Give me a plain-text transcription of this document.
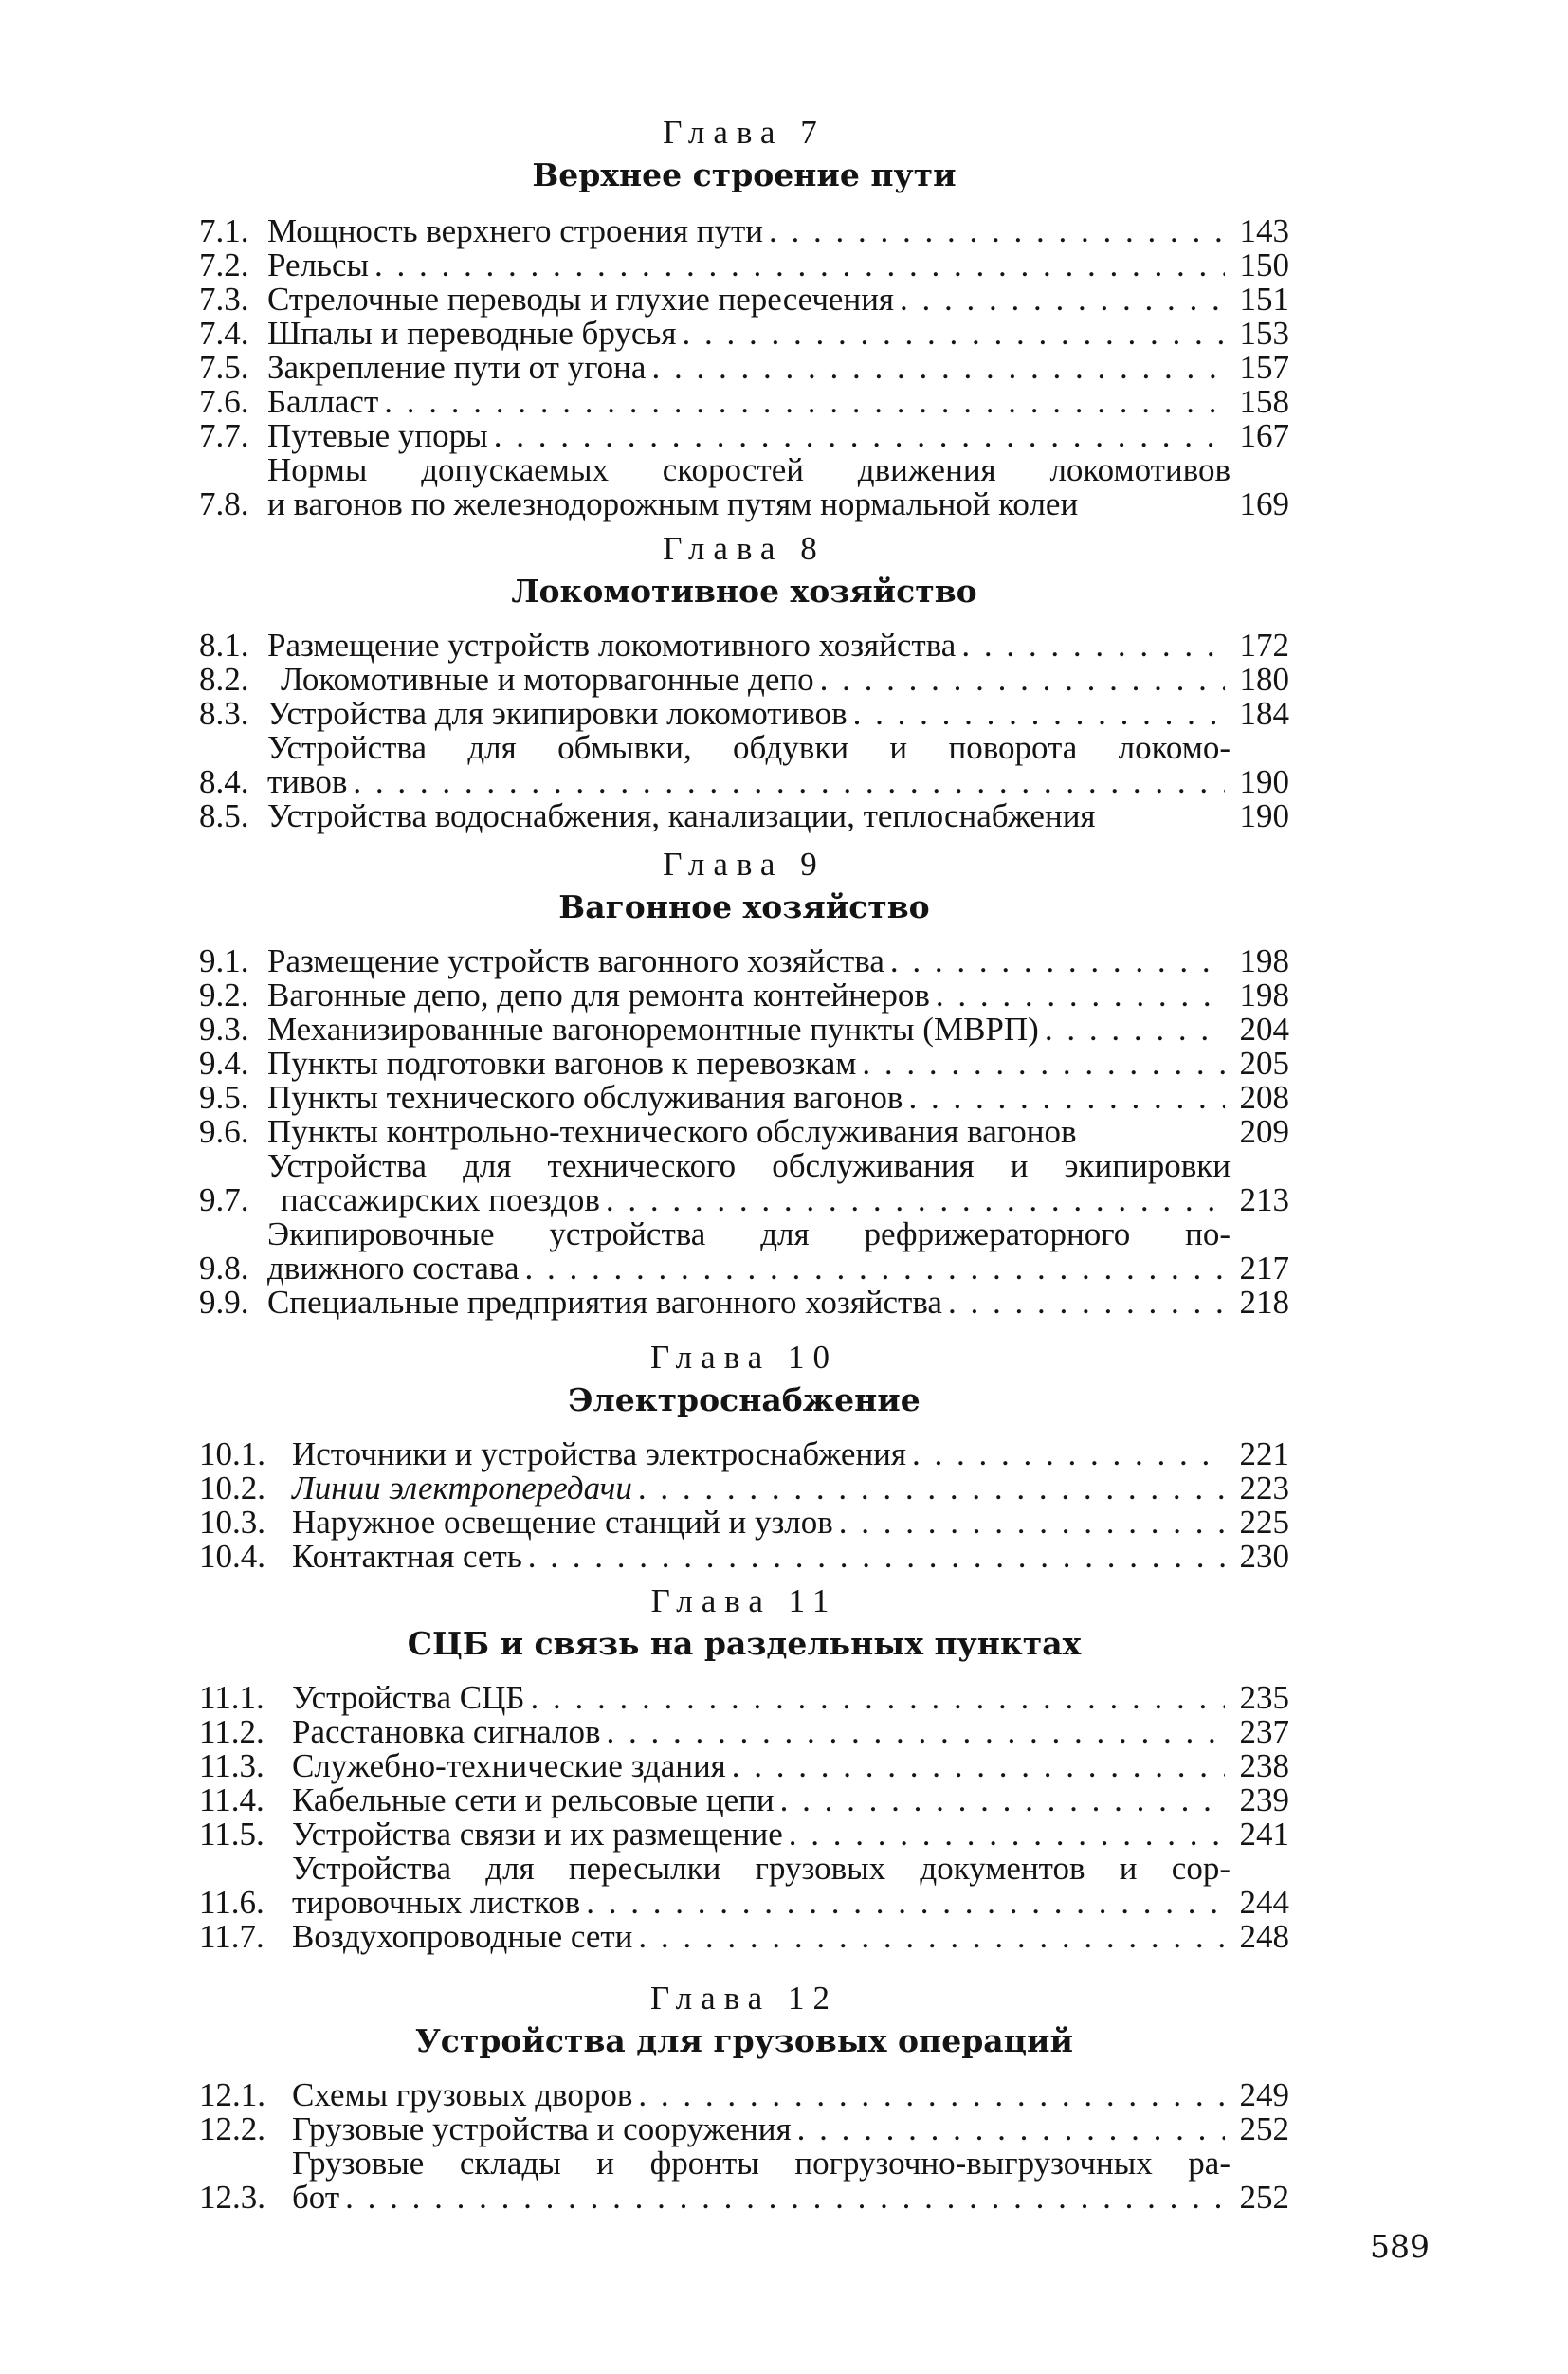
Глава 7
Верхнее строение пути
7.1. Мощность верхнего строения пути . . .	143
7.2. Рельсы . . .	150
7.3. Стрелочные переводы и глухие пересечения . . .	151
7.4. Шпалы и переводные брусья . . .	153
7.5. Закрепление пути от угона . . .	157
7.6. Балласт . . .	158
7.7. Путевые упоры . . .	167
7.8.
Нормы допускаемых скоростей движения локомотивов
и вагонов по железнодорожным путям нормальной колеи	169
Глава 8
Локомотивное хозяйство
8.1. Размещение устройств локомотивного хозяйства . . .	172
8.2. Локомотивные и моторвагонные депо . . .	180
8.3. Устройства для экипировки локомотивов . . .	184
8.4.
Устройства для обмывки, обдувки и поворота локомо-
тивов . . .	190
8.5. Устройства водоснабжения, канализации, теплоснабжения	190
Глава 9
Вагонное хозяйство
9.1. Размещение устройств вагонного хозяйства . . .	198
9.2. Вагонные депо, депо для ремонта контейнеров . . .	198
9.3. Механизированные вагоноремонтные пункты (МВРП) . . .	204
9.4. Пункты подготовки вагонов к перевозкам . . .	205
9.5. Пункты технического обслуживания вагонов . . .	208
9.6. Пункты контрольно-технического обслуживания вагонов	209
9.7.
Устройства для технического обслуживания и экипировки
пассажирских поездов . . .	213
9.8.
Экипировочные устройства для рефрижераторного по-
движного состава . . .	217
9.9. Специальные предприятия вагонного хозяйства . . .	218
Глава 10
Электроснабжение
10.1. Источники и устройства электроснабжения . . .	221
10.2. Линии электропередачи . . .	223
10.3. Наружное освещение станций и узлов . . .	225
10.4. Контактная сеть . . .	230
Глава 11
СЦБ и связь на раздельных пунктах
11.1. Устройства СЦБ . . .	235
11.2. Расстановка сигналов . . .	237
11.3. Служебно-технические здания . . .	238
11.4. Кабельные сети и рельсовые цепи . . .	239
11.5. Устройства связи и их размещение . . .	241
11.6.
Устройства для пересылки грузовых документов и сор-
тировочных листков . . .	244
11.7. Воздухопроводные сети . . .	248
Глава 12
Устройства для грузовых операций
12.1. Схемы грузовых дворов . . .	249
12.2. Грузовые устройства и сооружения . . .	252
12.3.
Грузовые склады и фронты погрузочно-выгрузочных ра-
бот . . .	252
589
